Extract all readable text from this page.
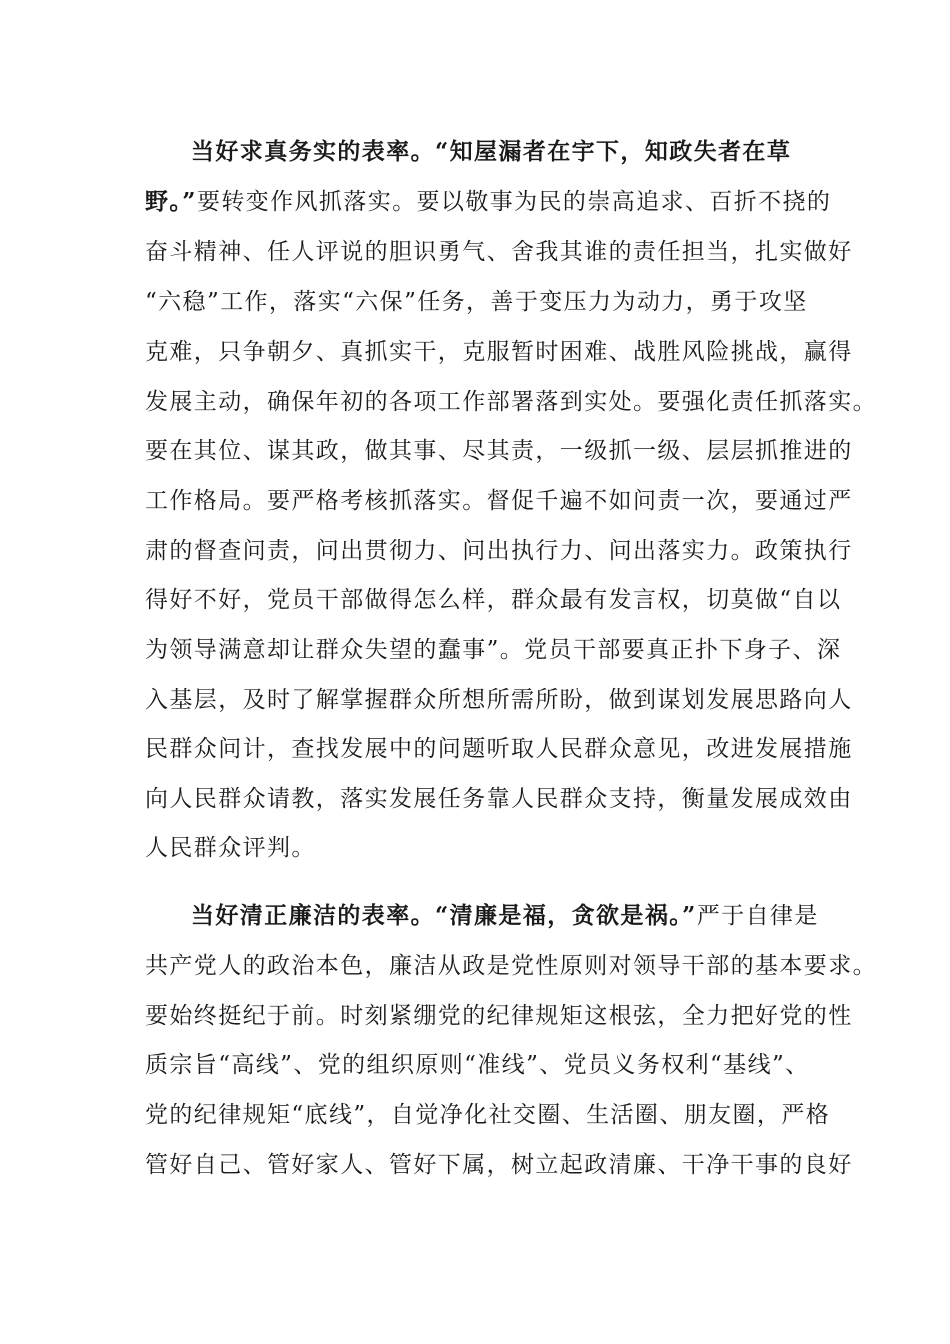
当好求真务实的表率。“知屋漏者在宇下，知政失者在草
野。”要转变作风抓落实。要以敬事为民的崇高追求、百折不挠的
奋斗精神、任人评说的胆识勇气、舍我其谁的责任担当，扎实做好
“六稳”工作，落实“六保”任务，善于变压力为动力，勇于攻坚
克难，只争朝夕、真抓实干，克服暂时困难、战胜风险挑战，赢得
发展主动，确保年初的各项工作部署落到实处。要强化责任抓落实。
要在其位、谋其政，做其事、尽其责，一级抓一级、层层抓推进的
工作格局。要严格考核抓落实。督促千遍不如问责一次，要通过严
肃的督查问责，问出贯彻力、问出执行力、问出落实力。政策执行
得好不好，党员干部做得怎么样，群众最有发言权，切莫做“自以
为领导满意却让群众失望的蠢事”。党员干部要真正扑下身子、深
入基层，及时了解掌握群众所想所需所盼，做到谋划发展思路向人
民群众问计，查找发展中的问题听取人民群众意见，改进发展措施
向人民群众请教，落实发展任务靠人民群众支持，衡量发展成效由
人民群众评判。
当好清正廉洁的表率。“清廉是福，贪欲是祸。”严于自律是
共产党人的政治本色，廉洁从政是党性原则对领导干部的基本要求。
要始终挺纪于前。时刻紧绷党的纪律规矩这根弦，全力把好党的性
质宗旨“高线”、党的组织原则“准线”、党员义务权利“基线”、
党的纪律规矩“底线”，自觉净化社交圈、生活圈、朋友圈，严格
管好自己、管好家人、管好下属，树立起政清廉、干净干事的良好
